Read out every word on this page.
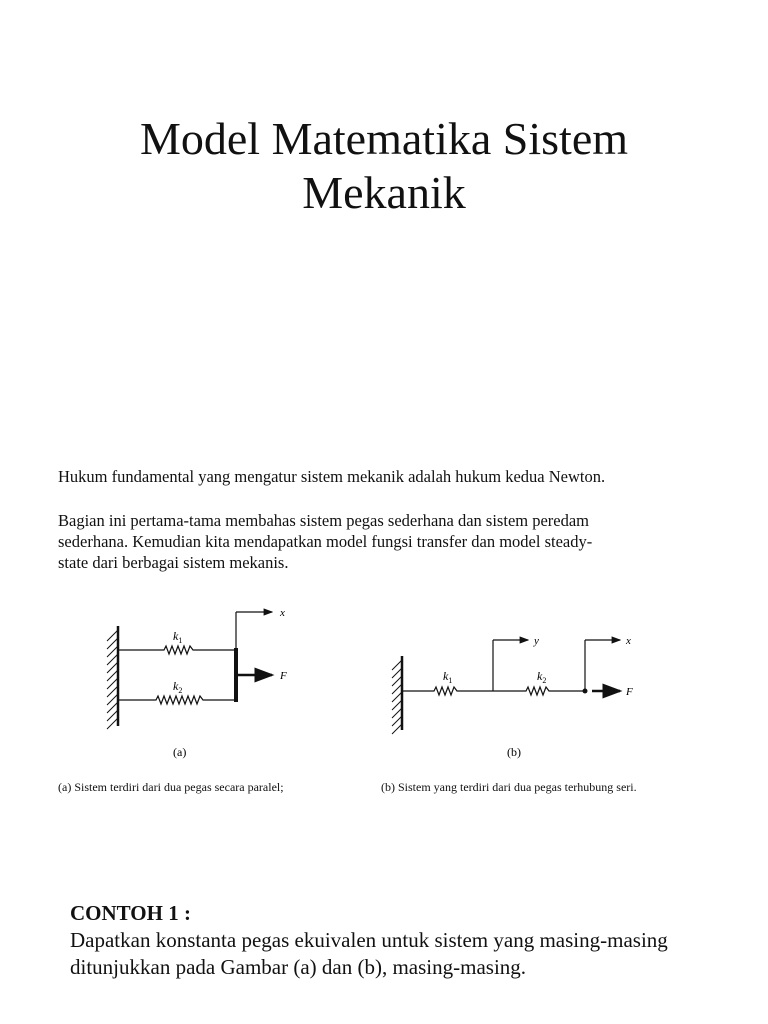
Model Matematika Sistem
Mekanik
Hukum fundamental yang mengatur sistem mekanik adalah hukum kedua Newton.
Bagian ini pertama-tama membahas sistem pegas sederhana dan sistem peredam
sederhana. Kemudian kita mendapatkan model fungsi transfer dan model steady-
state dari berbagai sistem mekanis.
$k_1$
$k_2$
x
F
(a)
$k_1$	$k_2$
y	x
F
(b)
(a) Sistem terdiri dari dua pegas secara paralel;	(b) Sistem yang terdiri dari dua pegas terhubung seri.
CONTOH 1 :
Dapatkan konstanta pegas ekuivalen untuk sistem yang masing-masing
ditunjukkan pada Gambar (a) dan (b), masing-masing.
